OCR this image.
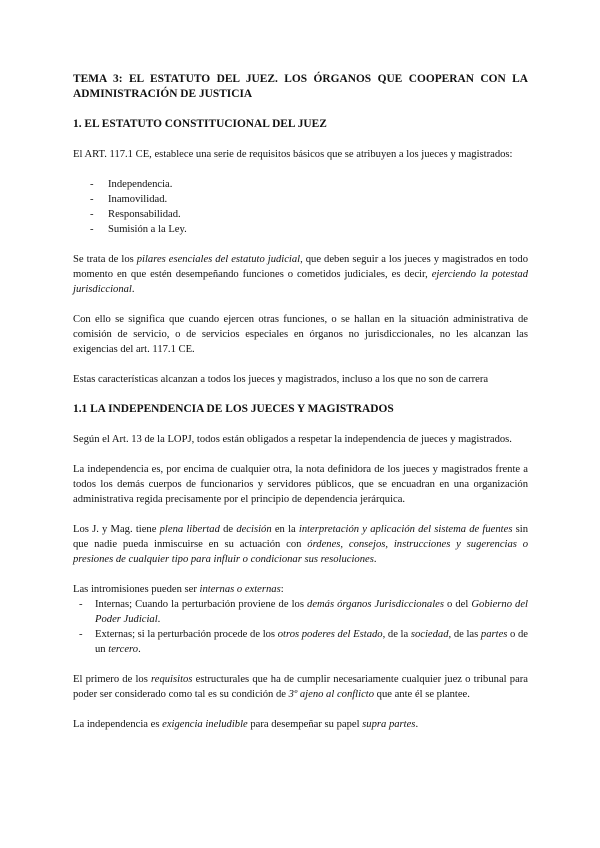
TEMA 3: EL ESTATUTO DEL JUEZ. LOS ÓRGANOS QUE COOPERAN CON LA ADMINISTRACIÓN DE JUSTICIA
1. EL ESTATUTO CONSTITUCIONAL DEL JUEZ

El ART. 117.1 CE, establece una serie de requisitos básicos que se atribuyen a los jueces y magistrados:

- Independencia.
- Inamovilidad.
- Responsabilidad.
- Sumisión a la Ley.

Se trata de los pilares esenciales del estatuto judicial, que deben seguir a los jueces y magistrados en todo momento en que estén desempeñando funciones o cometidos judiciales, es decir, ejerciendo la potestad jurisdiccional.

Con ello se significa que cuando ejercen otras funciones, o se hallan en la situación administrativa de comisión de servicio, o de servicios especiales en órganos no jurisdiccionales, no les alcanzan las exigencias del art. 117.1 CE.

Estas características alcanzan a todos los jueces y magistrados, incluso a los que no son de carrera

1.1 LA INDEPENDENCIA DE LOS JUECES Y MAGISTRADOS

Según el Art. 13 de la LOPJ, todos están obligados a respetar la independencia de jueces y magistrados.

La independencia es, por encima de cualquier otra, la nota definidora de los jueces y magistrados frente a todos los demás cuerpos de funcionarios y servidores públicos, que se encuadran en una organización administrativa regida precisamente por el principio de dependencia jerárquica.

Los J. y Mag. tiene plena libertad de decisión en la interpretación y aplicación del sistema de fuentes sin que nadie pueda inmiscuirse en su actuación con órdenes, consejos, instrucciones y sugerencias o presiones de cualquier tipo para influir o condicionar sus resoluciones.

Las intromisiones pueden ser internas o externas:

- Internas; Cuando la perturbación proviene de los demás órganos Jurisdiccionales o del Gobierno del Poder Judicial.
- Externas; si la perturbación procede de los otros poderes del Estado, de la sociedad, de las partes o de un tercero.

El primero de los requisitos estructurales que ha de cumplir necesariamente cualquier juez o tribunal para poder ser considerado como tal es su condición de 3º ajeno al conflicto que ante él se plantee.

La independencia es exigencia ineludible para desempeñar su papel supra partes.
